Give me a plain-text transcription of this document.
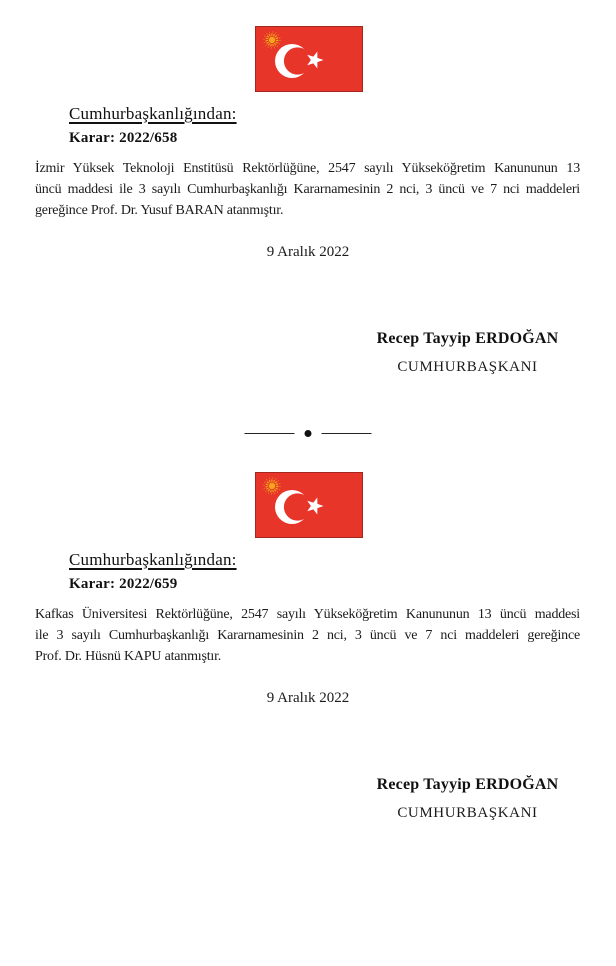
Cumhurbaşkanlığından:
Karar: 2022/658
İzmir Yüksek Teknoloji Enstitüsü Rektörlüğüne, 2547 sayılı Yükseköğretim Kanununun 13
üncü maddesi ile 3 sayılı Cumhurbaşkanlığı Kararnamesinin 2 nci, 3 üncü ve 7 nci maddeleri
gereğince Prof. Dr. Yusuf BARAN atanmıştır.
9 Aralık 2022
Recep Tayyip ERDOĞAN
CUMHURBAŞKANI
Cumhurbaşkanlığından:
Karar: 2022/659
Kafkas Üniversitesi Rektörlüğüne, 2547 sayılı Yükseköğretim Kanununun 13 üncü maddesi
ile 3 sayılı Cumhurbaşkanlığı Kararnamesinin 2 nci, 3 üncü ve 7 nci maddeleri gereğince
Prof. Dr. Hüsnü KAPU atanmıştır.
9 Aralık 2022
Recep Tayyip ERDOĞAN
CUMHURBAŞKANI
